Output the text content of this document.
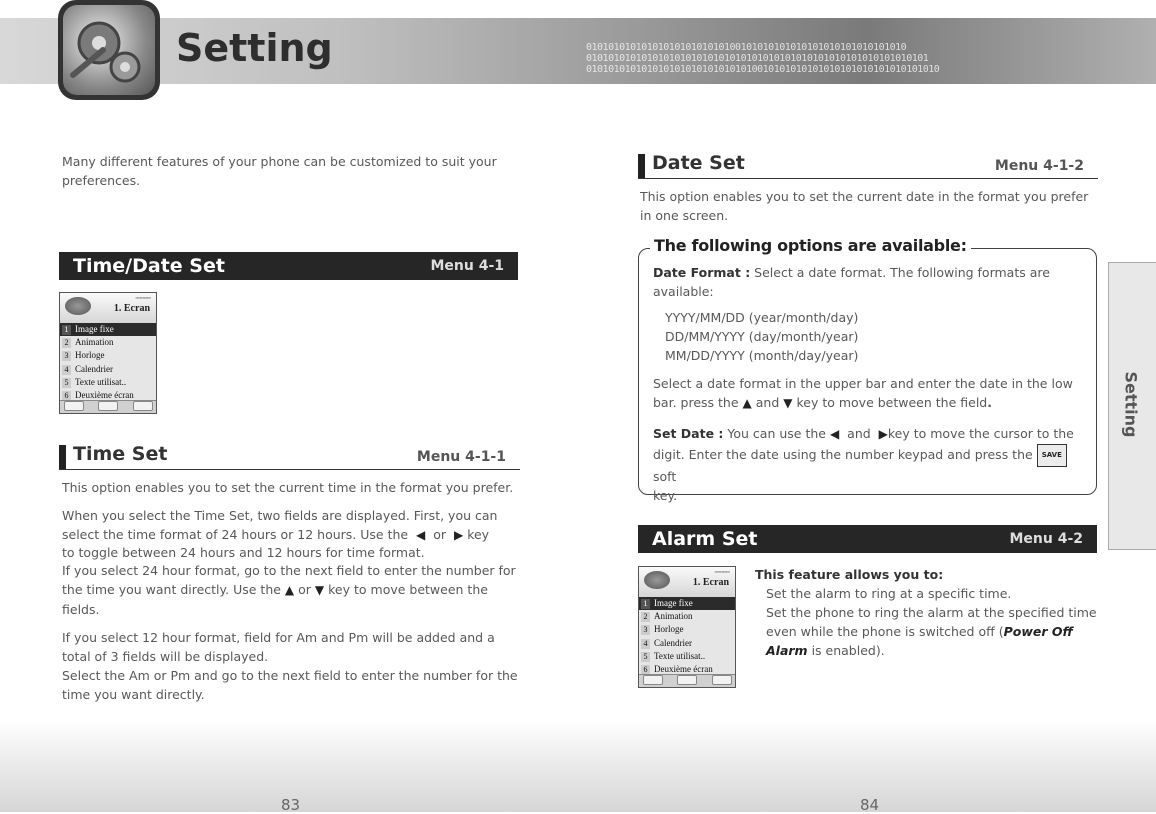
0101010101010101010101010100101010101010101010101010101010
01010101010101010101010101010101010101010101010101010101010101
0101010101010101010101010101010010101010101010101010101010101010
Setting
Many different features of your phone can be customized to suit your preferences.
Time/Date Set	Menu 4-1
◦◦◦◦◦◦◦◦◦◦
1. Ecran
1 Image fixe
2 Animation
3 Horloge
4 Calendrier
5 Texte utilisat..
6 Deuxième écran
Time Set	Menu 4-1-1
This option enables you to set the current time in the format you prefer.
When you select the Time Set, two fields are displayed. First, you can
select the time format of 24 hours or 12 hours. Use the ◀ or ▶ key
to toggle between 24 hours and 12 hours for time format.
If you select 24 hour format, go to the next field to enter the number for
the time you want directly. Use the ▲ or ▼ key to move between the
fields.
If you select 12 hour format, field for Am and Pm will be added and a
total of 3 fields will be displayed.
Select the Am or Pm and go to the next field to enter the number for the
time you want directly.
Date Set	Menu 4-1-2
This option enables you to set the current date in the format you prefer
in one screen.
The following options are available:
Date Format : Select a date format. The following formats are
available:
YYYY/MM/DD (year/month/day)
DD/MM/YYYY (day/month/year)
MM/DD/YYYY (month/day/year)
Select a date format in the upper bar and enter the date in the low
bar. press the ▲ and ▼ key to move between the field.
Set Date : You can use the ◀ and ▶key to move the cursor to the
digit. Enter the date using the number keypad and press the SAVE soft
key.
Alarm Set	Menu 4-2
◦◦◦◦◦◦◦◦◦◦
1. Ecran
1 Image fixe
2 Animation
3 Horloge
4 Calendrier
5 Texte utilisat..
6 Deuxième écran
This feature allows you to:
Set the alarm to ring at a specific time.
Set the phone to ring the alarm at the specified time
even while the phone is switched off (Power Off
Alarm is enabled).
Setting
83	84
